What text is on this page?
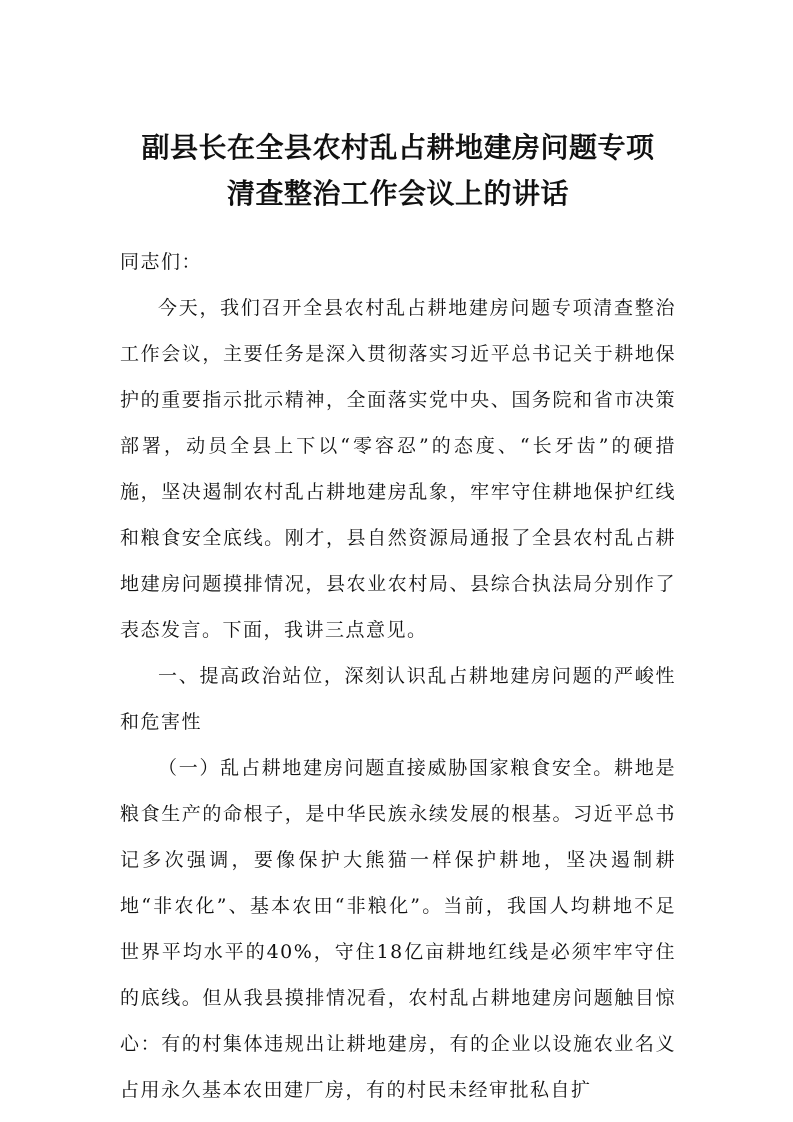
副县长在全县农村乱占耕地建房问题专项
清查整治工作会议上的讲话

同志们：

今天，我们召开全县农村乱占耕地建房问题专项清查整治工作会议，主要任务是深入贯彻落实习近平总书记关于耕地保护的重要指示批示精神，全面落实党中央、国务院和省市决策部署，动员全县上下以“零容忍”的态度、“长牙齿”的硬措施，坚决遏制农村乱占耕地建房乱象，牢牢守住耕地保护红线和粮食安全底线。刚才，县自然资源局通报了全县农村乱占耕地建房问题摸排情况，县农业农村局、县综合执法局分别作了表态发言。下面，我讲三点意见。

一、提高政治站位，深刻认识乱占耕地建房问题的严峻性和危害性

（一）乱占耕地建房问题直接威胁国家粮食安全。耕地是粮食生产的命根子，是中华民族永续发展的根基。习近平总书记多次强调，要像保护大熊猫一样保护耕地，坚决遏制耕地“非农化”、基本农田“非粮化”。当前，我国人均耕地不足世界平均水平的40%，守住18亿亩耕地红线是必须牢牢守住的底线。但从我县摸排情况看，农村乱占耕地建房问题触目惊心：有的村集体违规出让耕地建房，有的企业以设施农业名义占用永久基本农田建厂房，有的村民未经审批私自扩
